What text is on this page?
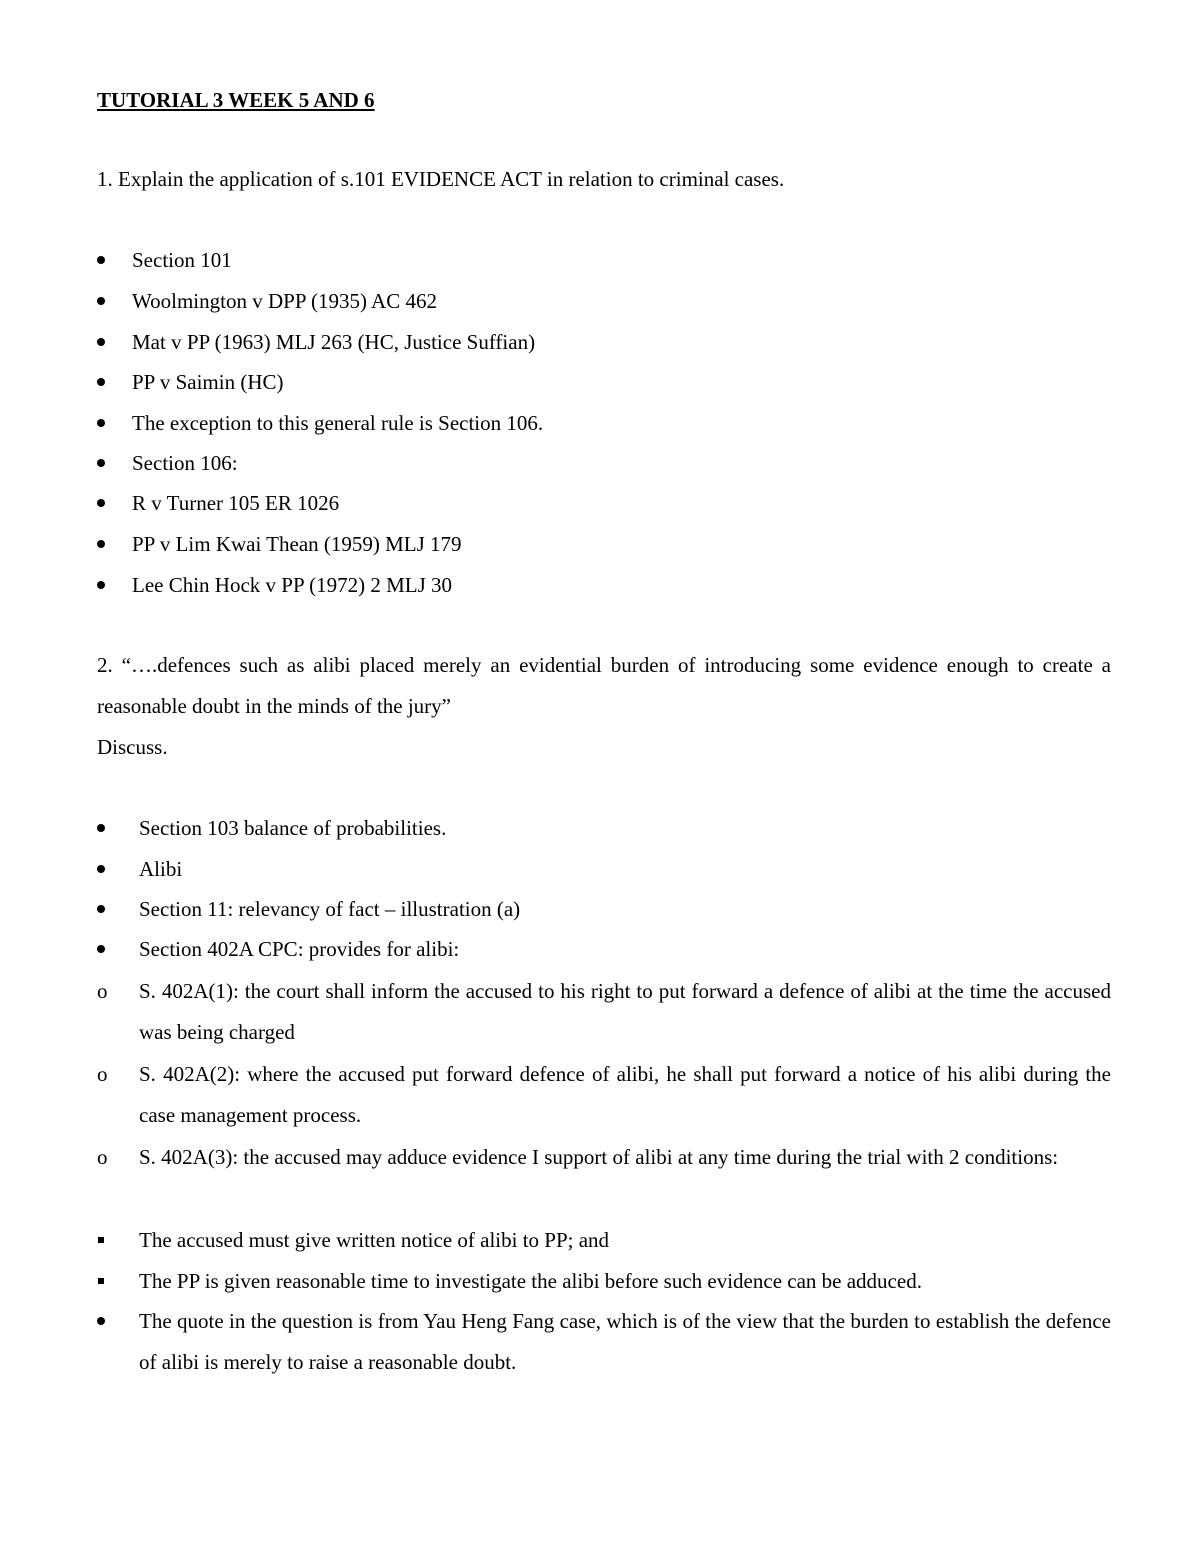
TUTORIAL 3 WEEK 5 AND 6
1. Explain the application of s.101 EVIDENCE ACT in relation to criminal cases.
Section 101
Woolmington v DPP (1935) AC 462
Mat v PP (1963) MLJ 263 (HC, Justice Suffian)
PP v Saimin (HC)
The exception to this general rule is Section 106.
Section 106:
R v Turner 105 ER 1026
PP v Lim Kwai Thean (1959) MLJ 179
Lee Chin Hock v PP (1972) 2 MLJ 30
2. “….defences such as alibi placed merely an evidential burden of introducing some evidence enough to create a reasonable doubt in the minds of the jury”
Discuss.
Section 103 balance of probabilities.
Alibi
Section 11: relevancy of fact – illustration (a)
Section 402A CPC: provides for alibi:
o S. 402A(1): the court shall inform the accused to his right to put forward a defence of alibi at the time the accused was being charged
o S. 402A(2): where the accused put forward defence of alibi, he shall put forward a notice of his alibi during the case management process.
o S. 402A(3): the accused may adduce evidence I support of alibi at any time during the trial with 2 conditions:
The accused must give written notice of alibi to PP; and
The PP is given reasonable time to investigate the alibi before such evidence can be adduced.
The quote in the question is from Yau Heng Fang case, which is of the view that the burden to establish the defence of alibi is merely to raise a reasonable doubt.
